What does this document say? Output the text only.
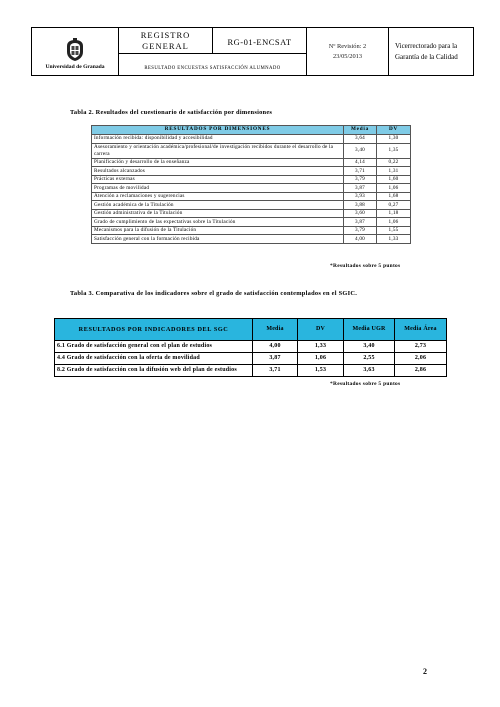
Universidad de Granada

REGISTRO
GENERAL	RG-01-ENCSAT	Nº Revisión: 2
23/05/2013

Vicerrectorado para la
Garantía de la Calidad

RESULTADO ENCUESTAS SATISFACCIÓN ALUMNADO
Tabla 2. Resultados del cuestionario de satisfacción por dimensiones
RESULTADOS POR DIMENSIONES	Media	DV
Información recibida: disponibilidad y accesibilidad	3,64	1,30
Asesoramiento y orientación académica/profesional/de investigación recibidos durante el desarrollo de la carrera	3,40	1,35
Planificación y desarrollo de la enseñanza	4,14	0,22
Resultados alcanzados	3,71	1,31
Prácticas externas	3,79	1,60
Programas de movilidad	3,87	1,06
Atención a reclamaciones y sugerencias	3,93	1,68
Gestión académica de la Titulación	3,88	0,27
Gestión administrativa de la Titulación	3,60	1,18
Grado de cumplimiento de las expectativas sobre la Titulación	3,87	1,06
Mecanismos para la difusión de la Titulación	3,79	1,55
Satisfacción general con la formación recibida	4,00	1,33
*Resultados sobre 5 puntos
Tabla 3. Comparativa de los indicadores sobre el grado de satisfacción contemplados en el SGIC.
RESULTADOS POR INDICADORES DEL SGC	Media	DV	Media UGR	Media Área
6.1 Grado de satisfacción general con el plan de estudios	4,00	1,33	3,40	2,73
4.4 Grado de satisfacción con la oferta de movilidad	3,87	1,06	2,55	2,06
8.2 Grado de satisfacción con la difusión web del plan de estudios	3,71	1,53	3,63	2,86
*Resultados sobre 5 puntos
2
